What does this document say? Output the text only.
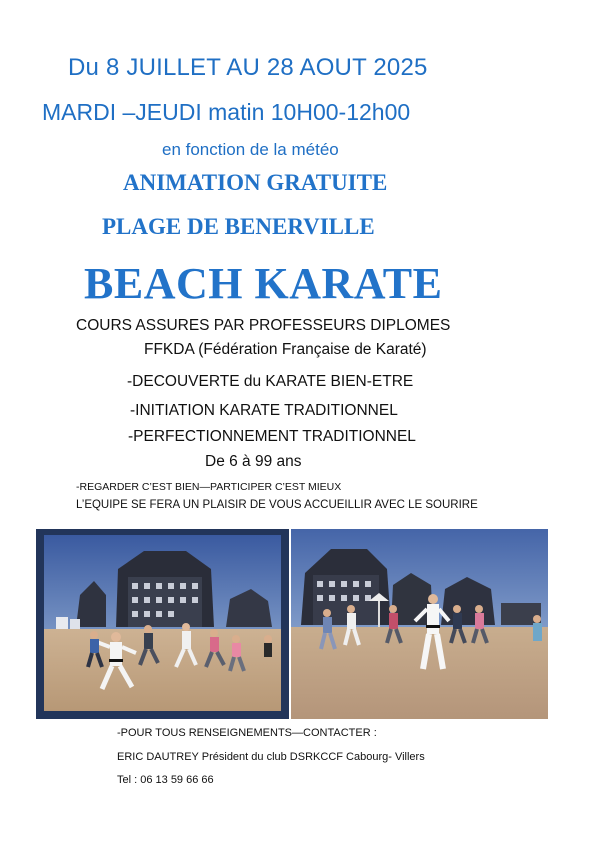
Du 8 JUILLET AU 28 AOUT 2025
MARDI –JEUDI matin 10H00-12h00
en fonction de la météo
ANIMATION GRATUITE
PLAGE DE BENERVILLE
BEACH KARATE
COURS ASSURES PAR PROFESSEURS DIPLOMES
FFKDA (Fédération Française de Karaté)
-DECOUVERTE du KARATE BIEN-ETRE
-INITIATION KARATE TRADITIONNEL
-PERFECTIONNEMENT TRADITIONNEL
De 6 à 99 ans
-REGARDER C’EST BIEN—PARTICIPER C’EST MIEUX
L’EQUIPE SE FERA UN PLAISIR DE VOUS ACCUEILLIR AVEC LE SOURIRE
-POUR TOUS RENSEIGNEMENTS—CONTACTER :
ERIC DAUTREY Président du club DSRKCCF Cabourg- Villers
Tel : 06 13 59 66 66
